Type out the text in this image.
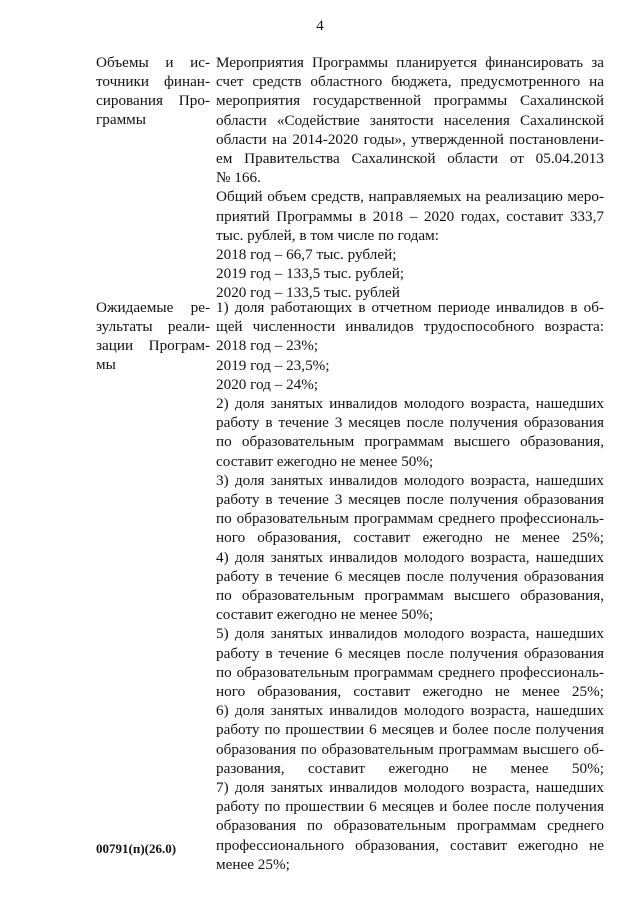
4
Объемы и ис-точники финан-сирования Про-граммы
Мероприятия Программы планируется финансировать за
счет средств областного бюджета, предусмотренного на
мероприятия государственной программы Сахалинской
области «Содействие занятости населения Сахалинской
области на 2014-2020 годы», утвержденной постановлени-
ем Правительства Сахалинской области от 05.04.2013
№ 166.
Общий объем средств, направляемых на реализацию меро-
приятий Программы в 2018 – 2020 годах, составит 333,7
тыс. рублей, в том числе по годам:
2018 год – 66,7 тыс. рублей;
2019 год – 133,5 тыс. рублей;
2020 год – 133,5 тыс. рублей
Ожидаемые ре-зультаты реали-зации Програм-мы
1) доля работающих в отчетном периоде инвалидов в об-
щей численности инвалидов трудоспособного возраста:
2018 год – 23%;
2019 год – 23,5%;
2020 год – 24%;
2) доля занятых инвалидов молодого возраста, нашедших
работу в течение 3 месяцев после получения образования
по образовательным программам высшего образования,
составит ежегодно не менее 50%;
3) доля занятых инвалидов молодого возраста, нашедших
работу в течение 3 месяцев после получения образования
по образовательным программам среднего профессиональ-
ного образования, составит ежегодно не менее 25%;
4) доля занятых инвалидов молодого возраста, нашедших
работу в течение 6 месяцев после получения образования
по образовательным программам высшего образования,
составит ежегодно не менее 50%;
5) доля занятых инвалидов молодого возраста, нашедших
работу в течение 6 месяцев после получения образования
по образовательным программам среднего профессиональ-
ного образования, составит ежегодно не менее 25%;
6) доля занятых инвалидов молодого возраста, нашедших
работу по прошествии 6 месяцев и более после получения
образования по образовательным программам высшего об-
разования, составит ежегодно не менее 50%;
7) доля занятых инвалидов молодого возраста, нашедших
работу по прошествии 6 месяцев и более после получения
образования по образовательным программам среднего
профессионального образования, составит ежегодно не
менее 25%;
00791(п)(26.0)
